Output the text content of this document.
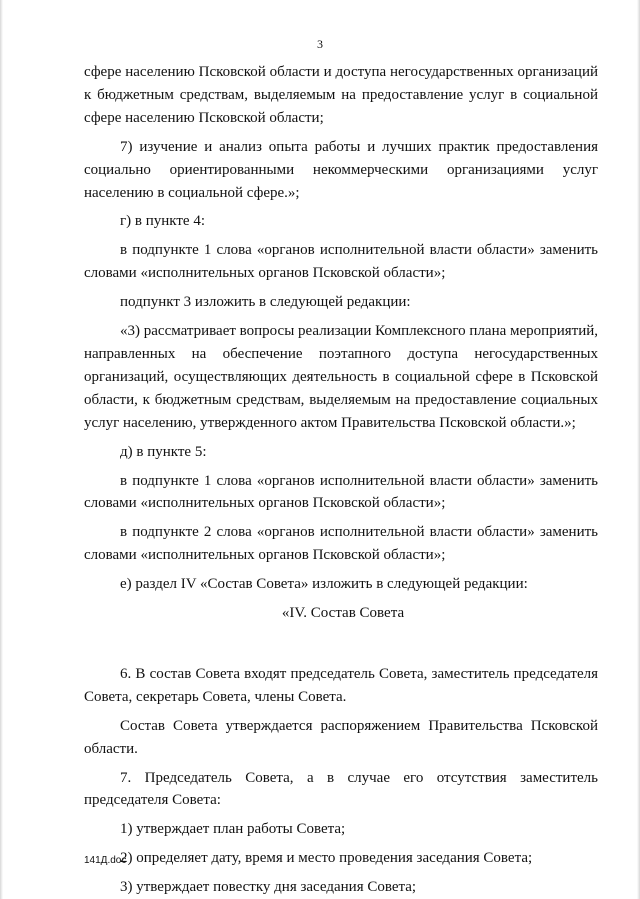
3

сфере населению Псковской области и доступа негосударственных организаций к бюджетным средствам, выделяемым на предоставление услуг в социальной сфере населению Псковской области;

7) изучение и анализ опыта работы и лучших практик предоставления социально ориентированными некоммерческими организациями услуг населению в социальной сфере.»;

г) в пункте 4:

в подпункте 1 слова «органов исполнительной власти области» заменить словами «исполнительных органов Псковской области»;

подпункт 3 изложить в следующей редакции:

«3) рассматривает вопросы реализации Комплексного плана мероприятий, направленных на обеспечение поэтапного доступа негосударственных организаций, осуществляющих деятельность в социальной сфере в Псковской области, к бюджетным средствам, выделяемым на предоставление социальных услуг населению, утвержденного актом Правительства Псковской области.»;

д) в пункте 5:

в подпункте 1 слова «органов исполнительной власти области» заменить словами «исполнительных органов Псковской области»;

в подпункте 2 слова «органов исполнительной власти области» заменить словами «исполнительных органов Псковской области»;

е) раздел IV «Состав Совета» изложить в следующей редакции:

«IV. Состав Совета

6. В состав Совета входят председатель Совета, заместитель председателя Совета, секретарь Совета, члены Совета.

Состав Совета утверждается распоряжением Правительства Псковской области.

7. Председатель Совета, а в случае его отсутствия заместитель председателя Совета:

1) утверждает план работы Совета;

2) определяет дату, время и место проведения заседания Совета;

3) утверждает повестку дня заседания Совета;

141Д.doc
